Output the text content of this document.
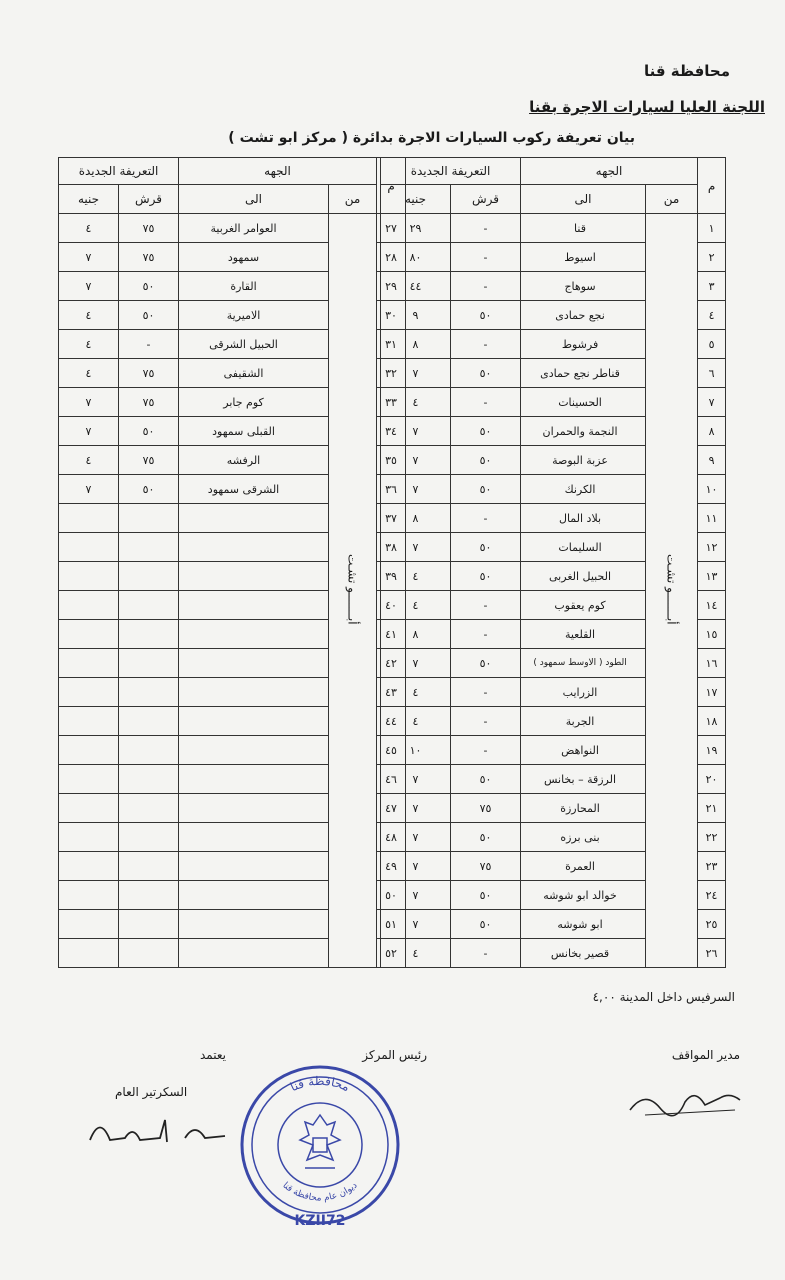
محافظة قنا
اللجنة العليا لسيارات الاجرة بقنا
بيان تعريفة ركوب السيارات الاجرة بدائرة ( مركز ابو تشت )
م	الجهه		التعريفة الجديدة	
	من	الى	قرش	جنيه
١	أبـــــــو تشـت	قنا	-	٢٩
٢		اسيوط	-	٨٠
٣		سوهاج	-	٤٤
٤		نجع حمادى	٥٠	٩
٥		فرشوط	-	٨
٦		قناطر نجع حمادى	٥٠	٧
٧		الحسينات	-	٤
٨		النجمة والحمران	٥٠	٧
٩		عزبة البوصة	٥٠	٧
١٠		الكرنك	٥٠	٧
١١		بلاد المال	-	٨
١٢		السليمات	٥٠	٧
١٣		الحبيل الغربى	٥٠	٤
١٤		كوم يعقوب	-	٤
١٥		القلعية	-	٨
١٦		الطود ( الاوسط سمهود )	٥٠	٧
١٧		الزرايب	-	٤
١٨		الجربة	-	٤
١٩		النواهض	-	١٠
٢٠		الرزقة – بخانس	٥٠	٧
٢١		المحارزة	٧٥	٧
٢٢		بنى برزه	٥٠	٧
٢٣		العمرة	٧٥	٧
٢٤		خوالد ابو شوشه	٥٠	٧
٢٥		ابو شوشه	٥٠	٧
٢٦		قصير بخانس	-	٤
م	الجهه		التعريفة الجديدة	
	من	الى	قرش	جنيه
٢٧	أبـــــــو تشـت	العوامر الغربية	٧٥	٤
٢٨		سمهود	٧٥	٧
٢٩		القارة	٥٠	٧
٣٠		الاميرية	٥٠	٤
٣١		الحبيل الشرقى	-	٤
٣٢		الشقيفى	٧٥	٤
٣٣		كوم جابر	٧٥	٧
٣٤		القبلى سمهود	٥٠	٧
٣٥		الرفشه	٧٥	٤
٣٦		الشرقى سمهود	٥٠	٧
٣٧				
٣٨				
٣٩				
٤٠				
٤١				
٤٢				
٤٣				
٤٤				
٤٥				
٤٦				
٤٧				
٤٨				
٤٩				
٥٠				
٥١				
٥٢				
السرفيس داخل المدينة ٤,٠٠
مدير المواقف
رئيس المركز
يعتمد
السكرتير العام	محافظة قنا
ديوان عام محافظة قنا
KZII72
